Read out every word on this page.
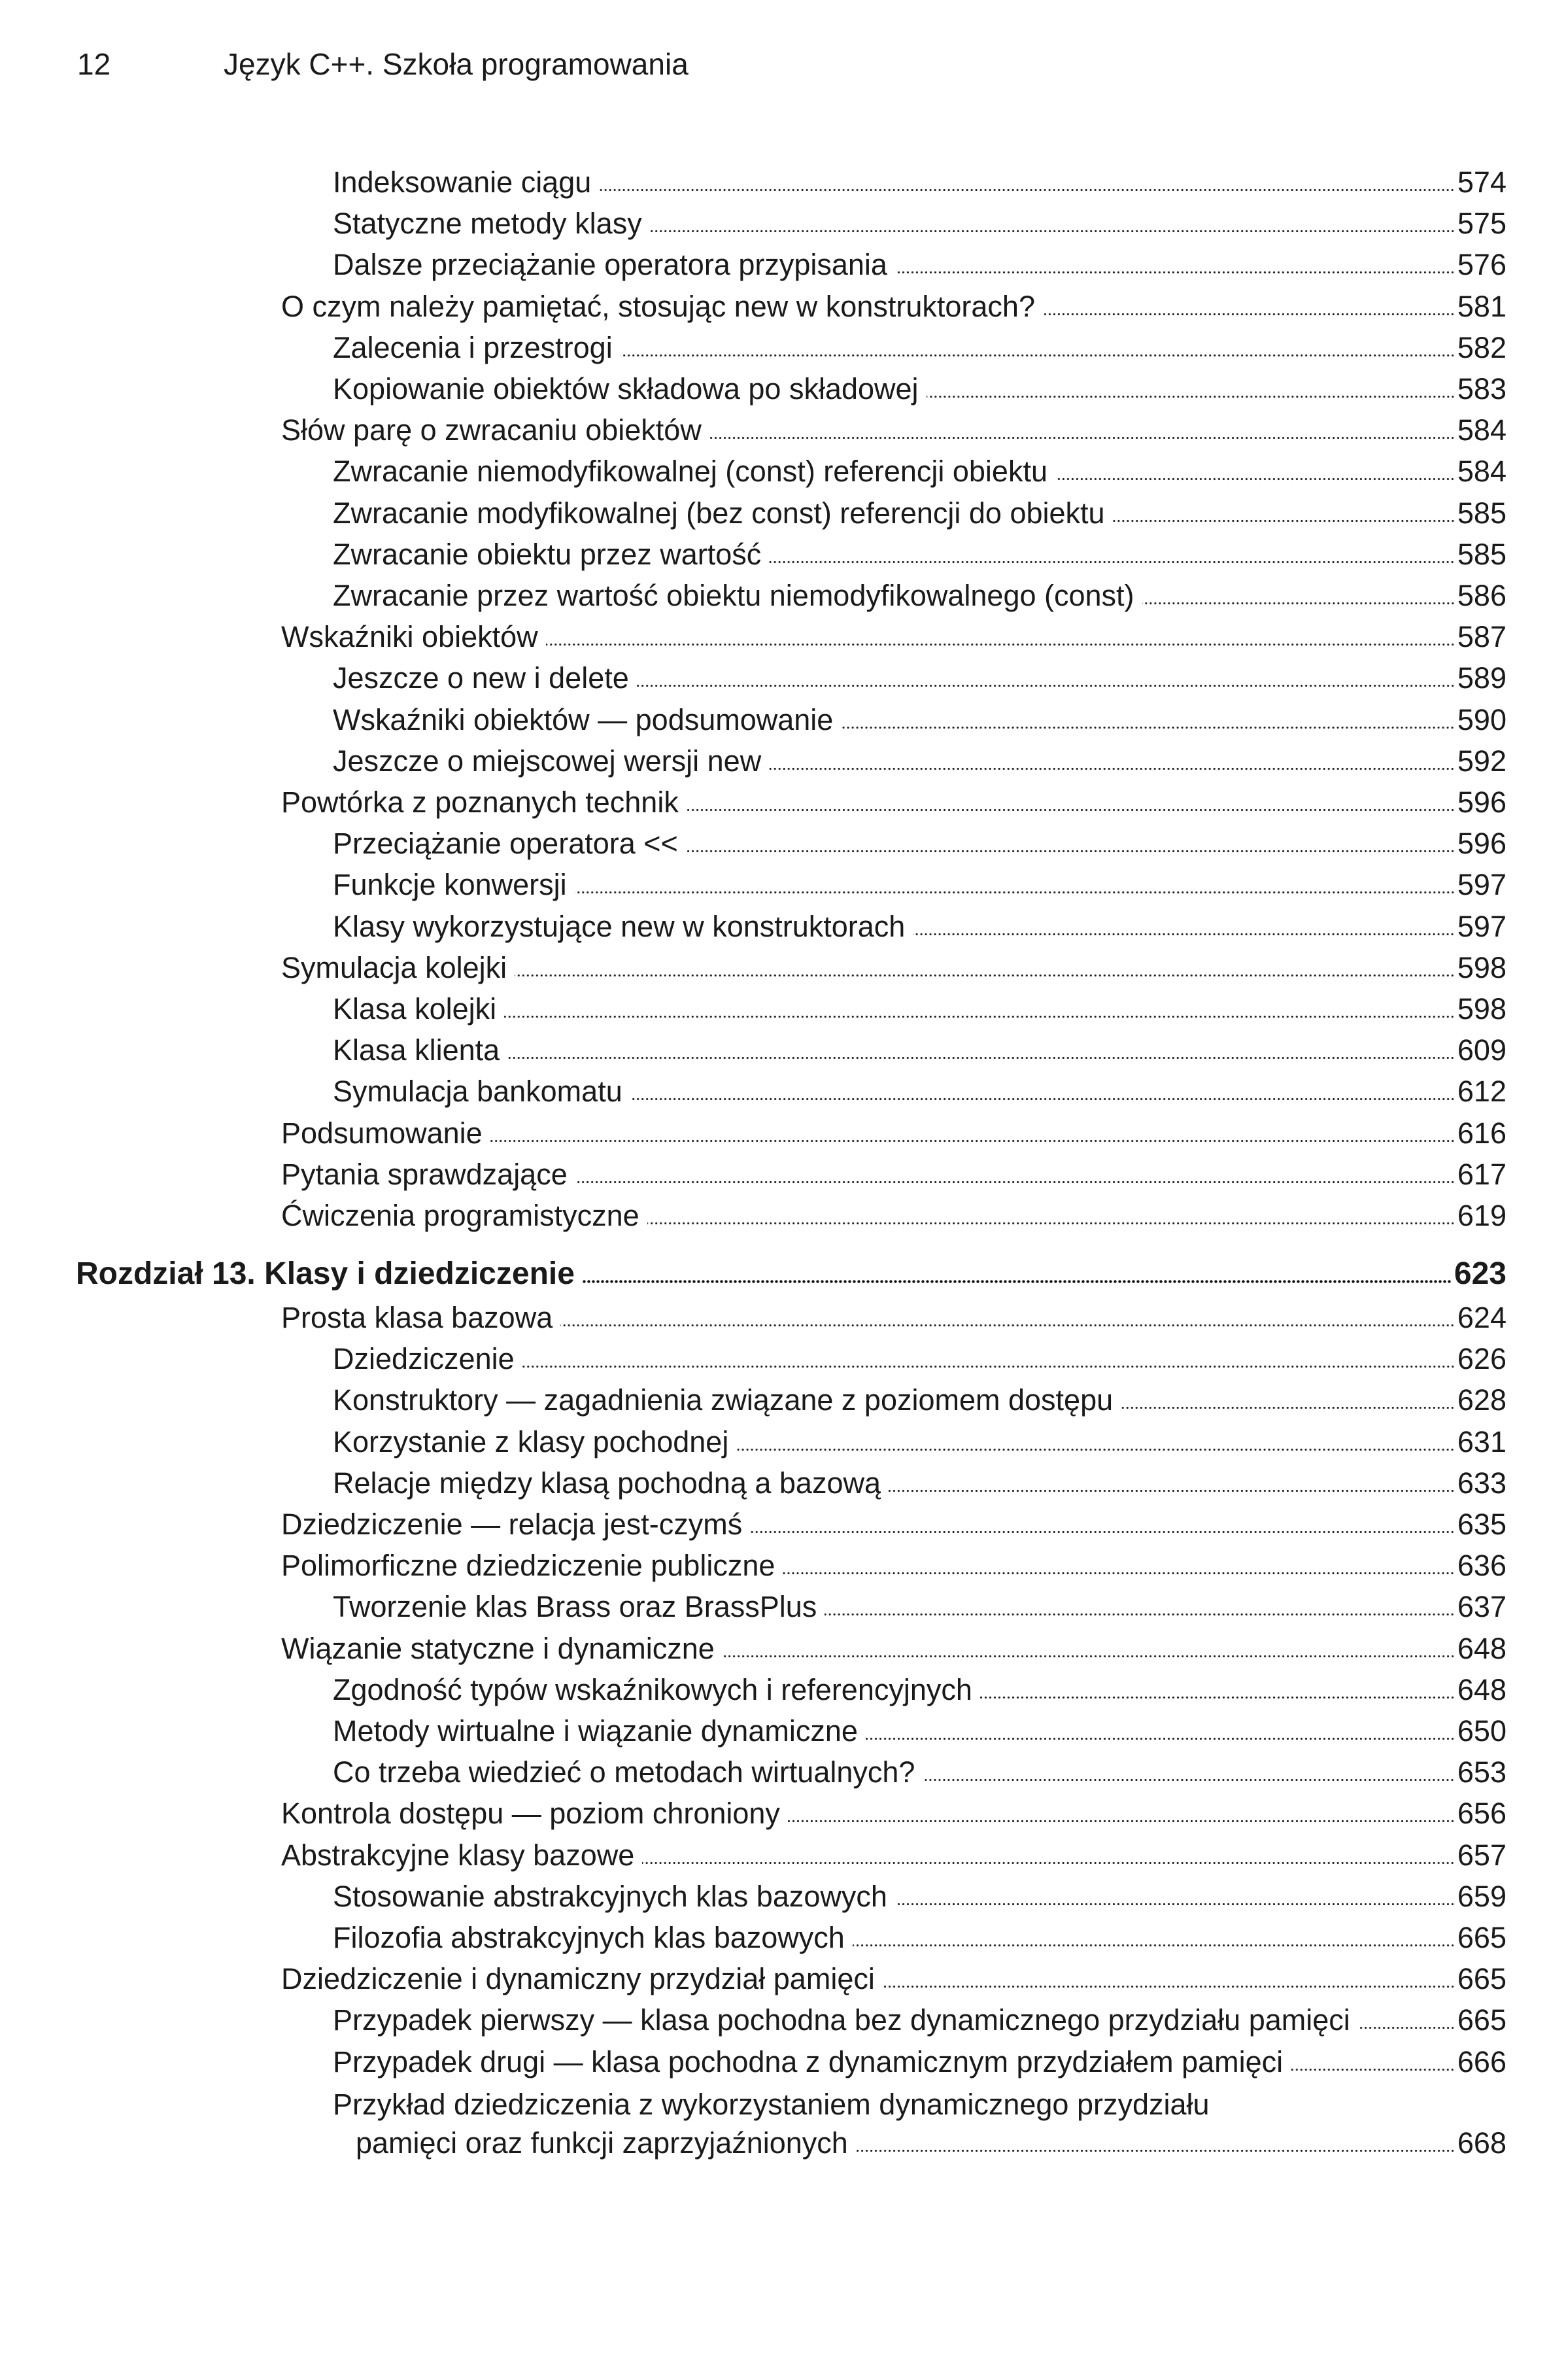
12	Język C++. Szkoła programowania
Indeksowanie ciągu	574
Statyczne metody klasy	575
Dalsze przeciążanie operatora przypisania	576
O czym należy pamiętać, stosując new w konstruktorach?	581
Zalecenia i przestrogi	582
Kopiowanie obiektów składowa po składowej	583
Słów parę o zwracaniu obiektów	584
Zwracanie niemodyfikowalnej (const) referencji obiektu	584
Zwracanie modyfikowalnej (bez const) referencji do obiektu	585
Zwracanie obiektu przez wartość	585
Zwracanie przez wartość obiektu niemodyfikowalnego (const)	586
Wskaźniki obiektów	587
Jeszcze o new i delete	589
Wskaźniki obiektów — podsumowanie	590
Jeszcze o miejscowej wersji new	592
Powtórka z poznanych technik	596
Przeciążanie operatora <<	596
Funkcje konwersji	597
Klasy wykorzystujące new w konstruktorach	597
Symulacja kolejki	598
Klasa kolejki	598
Klasa klienta	609
Symulacja bankomatu	612
Podsumowanie	616
Pytania sprawdzające	617
Ćwiczenia programistyczne	619
Rozdział 13. Klasy i dziedziczenie	623
Prosta klasa bazowa	624
Dziedziczenie	626
Konstruktory — zagadnienia związane z poziomem dostępu	628
Korzystanie z klasy pochodnej	631
Relacje między klasą pochodną a bazową	633
Dziedziczenie — relacja jest-czymś	635
Polimorficzne dziedziczenie publiczne	636
Tworzenie klas Brass oraz BrassPlus	637
Wiązanie statyczne i dynamiczne	648
Zgodność typów wskaźnikowych i referencyjnych	648
Metody wirtualne i wiązanie dynamiczne	650
Co trzeba wiedzieć o metodach wirtualnych?	653
Kontrola dostępu — poziom chroniony	656
Abstrakcyjne klasy bazowe	657
Stosowanie abstrakcyjnych klas bazowych	659
Filozofia abstrakcyjnych klas bazowych	665
Dziedziczenie i dynamiczny przydział pamięci	665
Przypadek pierwszy — klasa pochodna bez dynamicznego przydziału pamięci	665
Przypadek drugi — klasa pochodna z dynamicznym przydziałem pamięci	666
Przykład dziedziczenia z wykorzystaniem dynamicznego przydziału
pamięci oraz funkcji zaprzyjaźnionych	668
